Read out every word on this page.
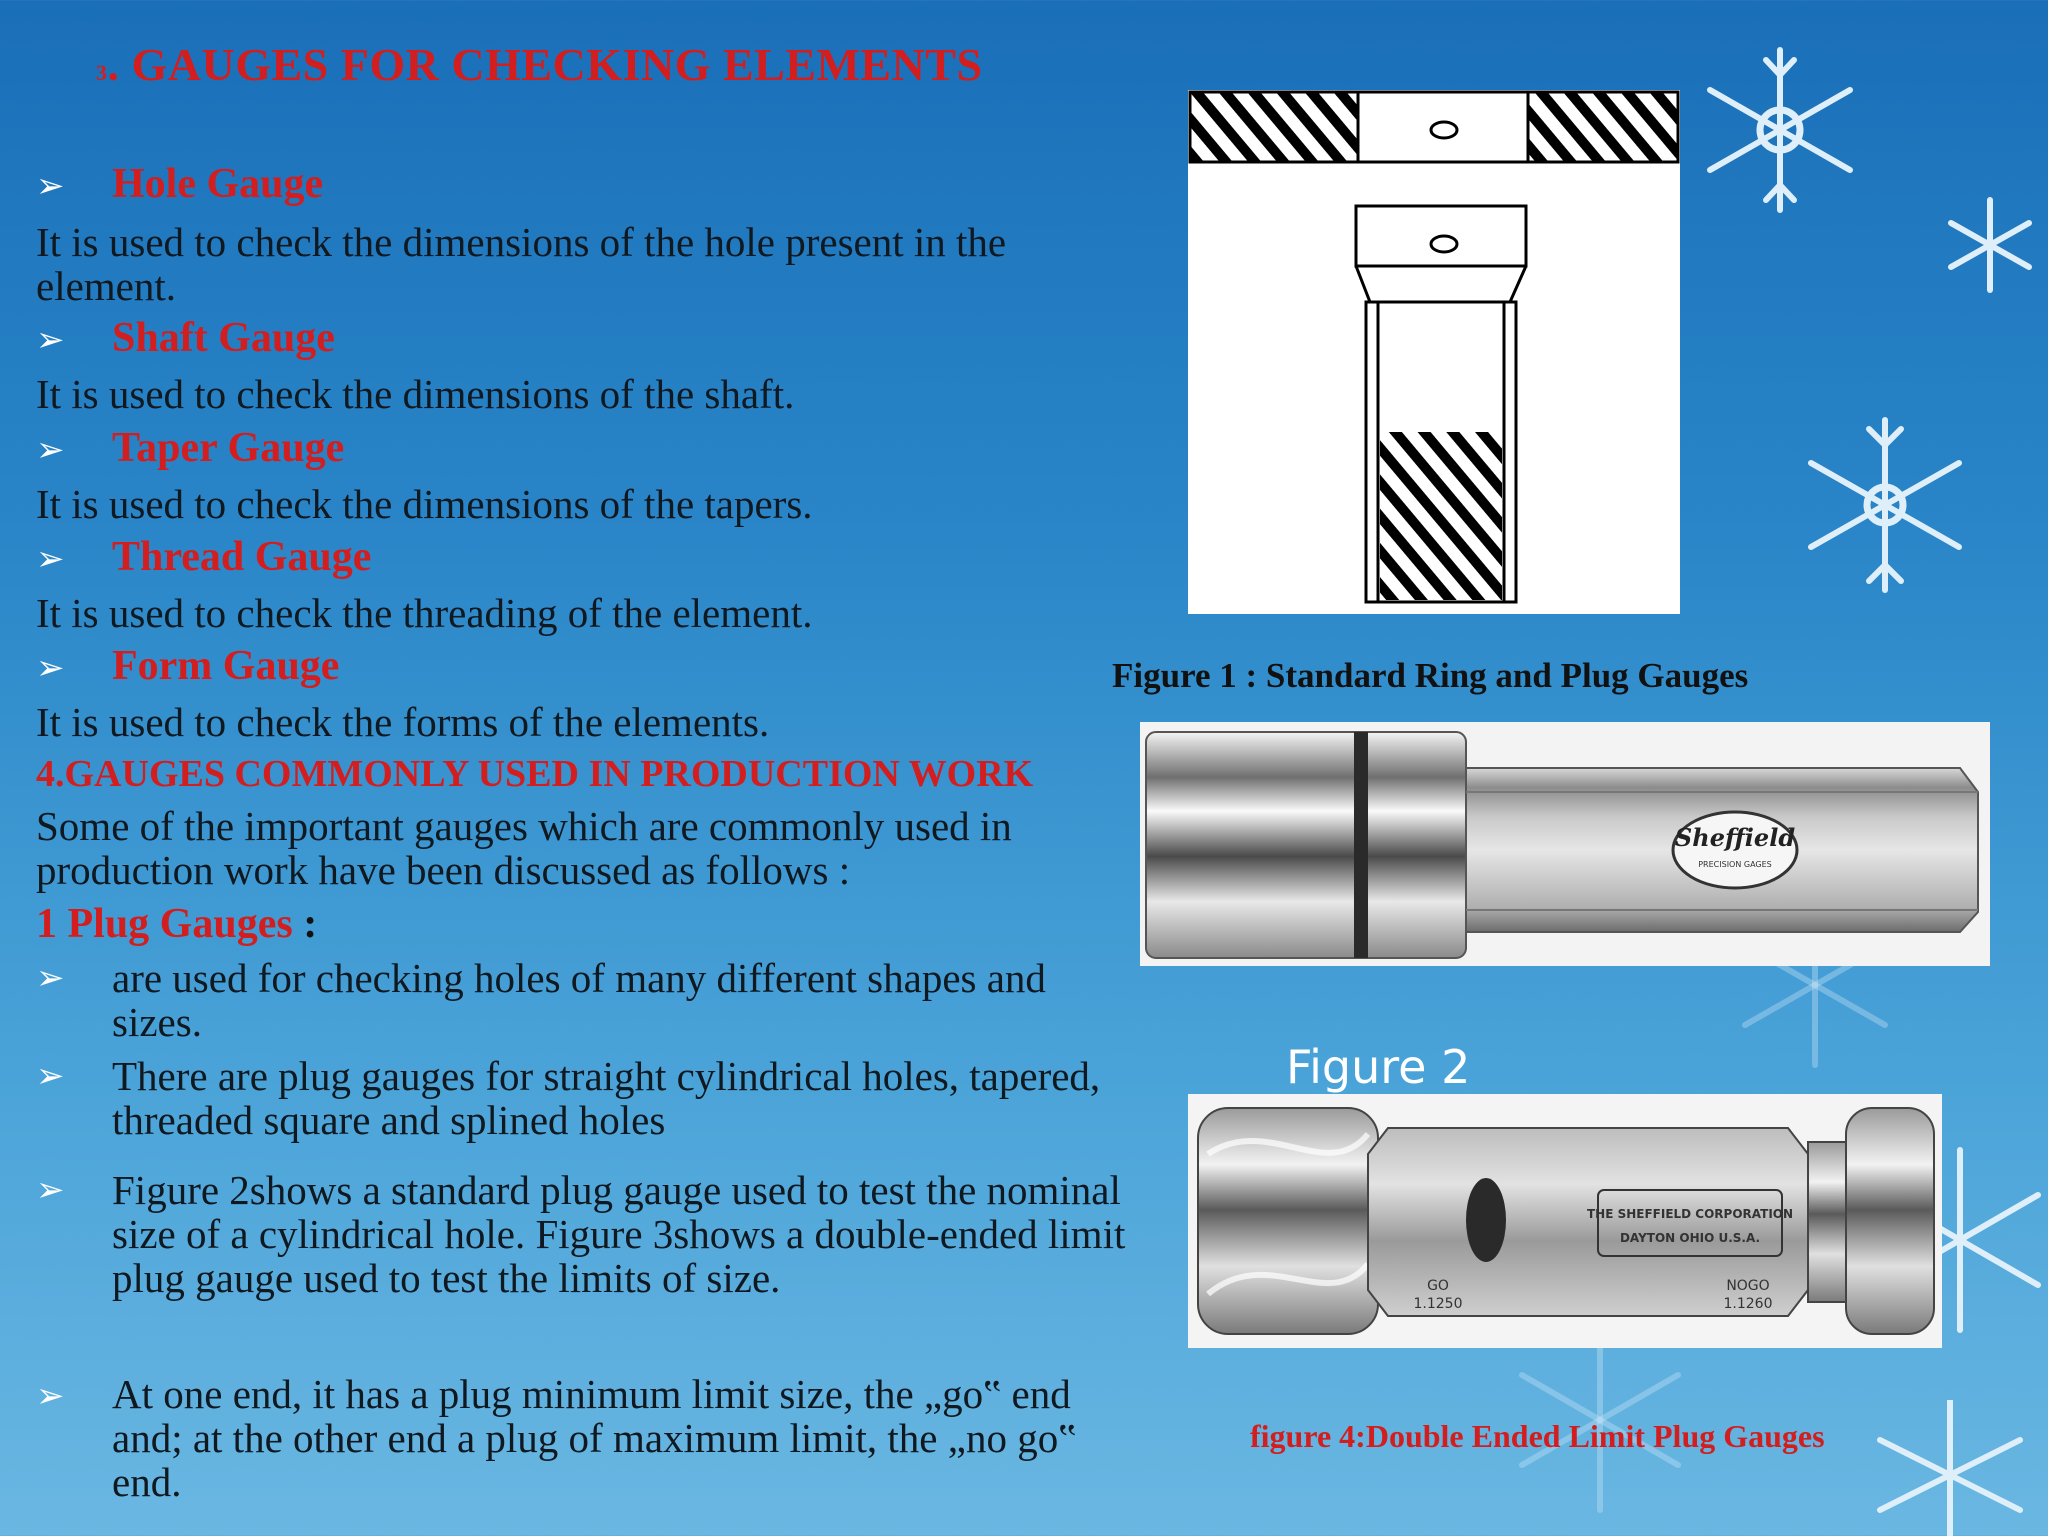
3. GAUGES FOR CHECKING ELEMENTS
➢ Hole Gauge
It is used to check the dimensions of the hole present in the element.
➢ Shaft Gauge
It is used to check the dimensions of the shaft.
➢ Taper Gauge
It is used to check the dimensions of the tapers.
➢ Thread Gauge
It is used to check the threading of the element.
➢ Form Gauge
It is used to check the forms of the elements.
4.GAUGES COMMONLY USED IN PRODUCTION WORK
Some of the important gauges which are commonly used in production work have been discussed as follows :
1 Plug Gauges :
➢ are used for checking holes of many different shapes and sizes.
➢ There are plug gauges for straight cylindrical holes, tapered, threaded square and splined holes
➢ Figure 2shows a standard plug gauge used to test the nominal size of a cylindrical hole. Figure 3shows a double-ended limit plug gauge used to test the limits of size.
➢ At one end, it has a plug minimum limit size, the „go‟ end and; at the other end a plug of maximum limit, the „no go‟ end.
Figure 1 : Standard Ring and Plug Gauges
Sheffield
PRECISION GAGES
Figure 2
THE SHEFFIELD CORPORATION
DAYTON OHIO U.S.A.
GO
1.1250
NOGO
1.1260
figure 4:Double Ended Limit Plug Gauges
